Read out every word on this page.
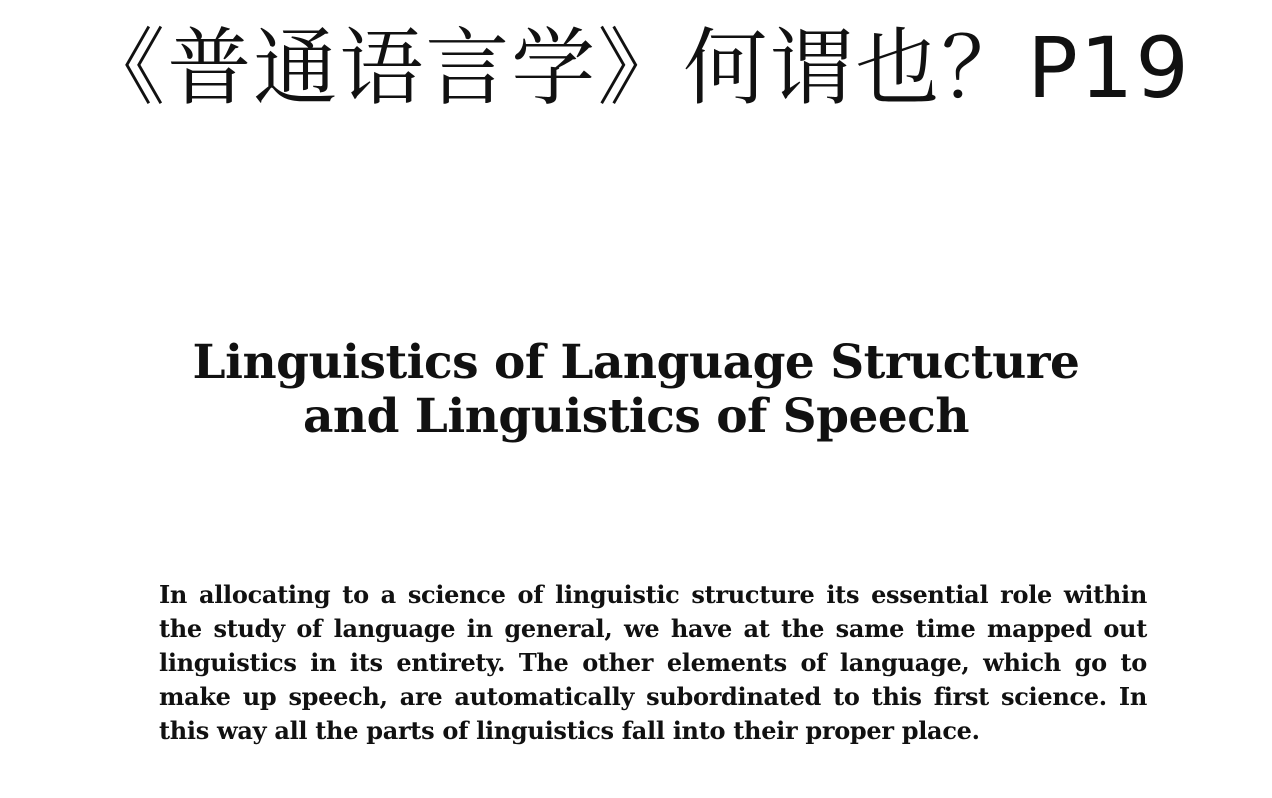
《普通语言学》何谓也？P19
Linguistics of Language Structure
and Linguistics of Speech

In allocating to a science of linguistic structure its essential role within the study of language in general, we have at the same time mapped out linguistics in its entirety. The other elements of language, which go to make up speech, are automatically subordinated to this first science. In this way all the parts of linguistics fall into their proper place.
